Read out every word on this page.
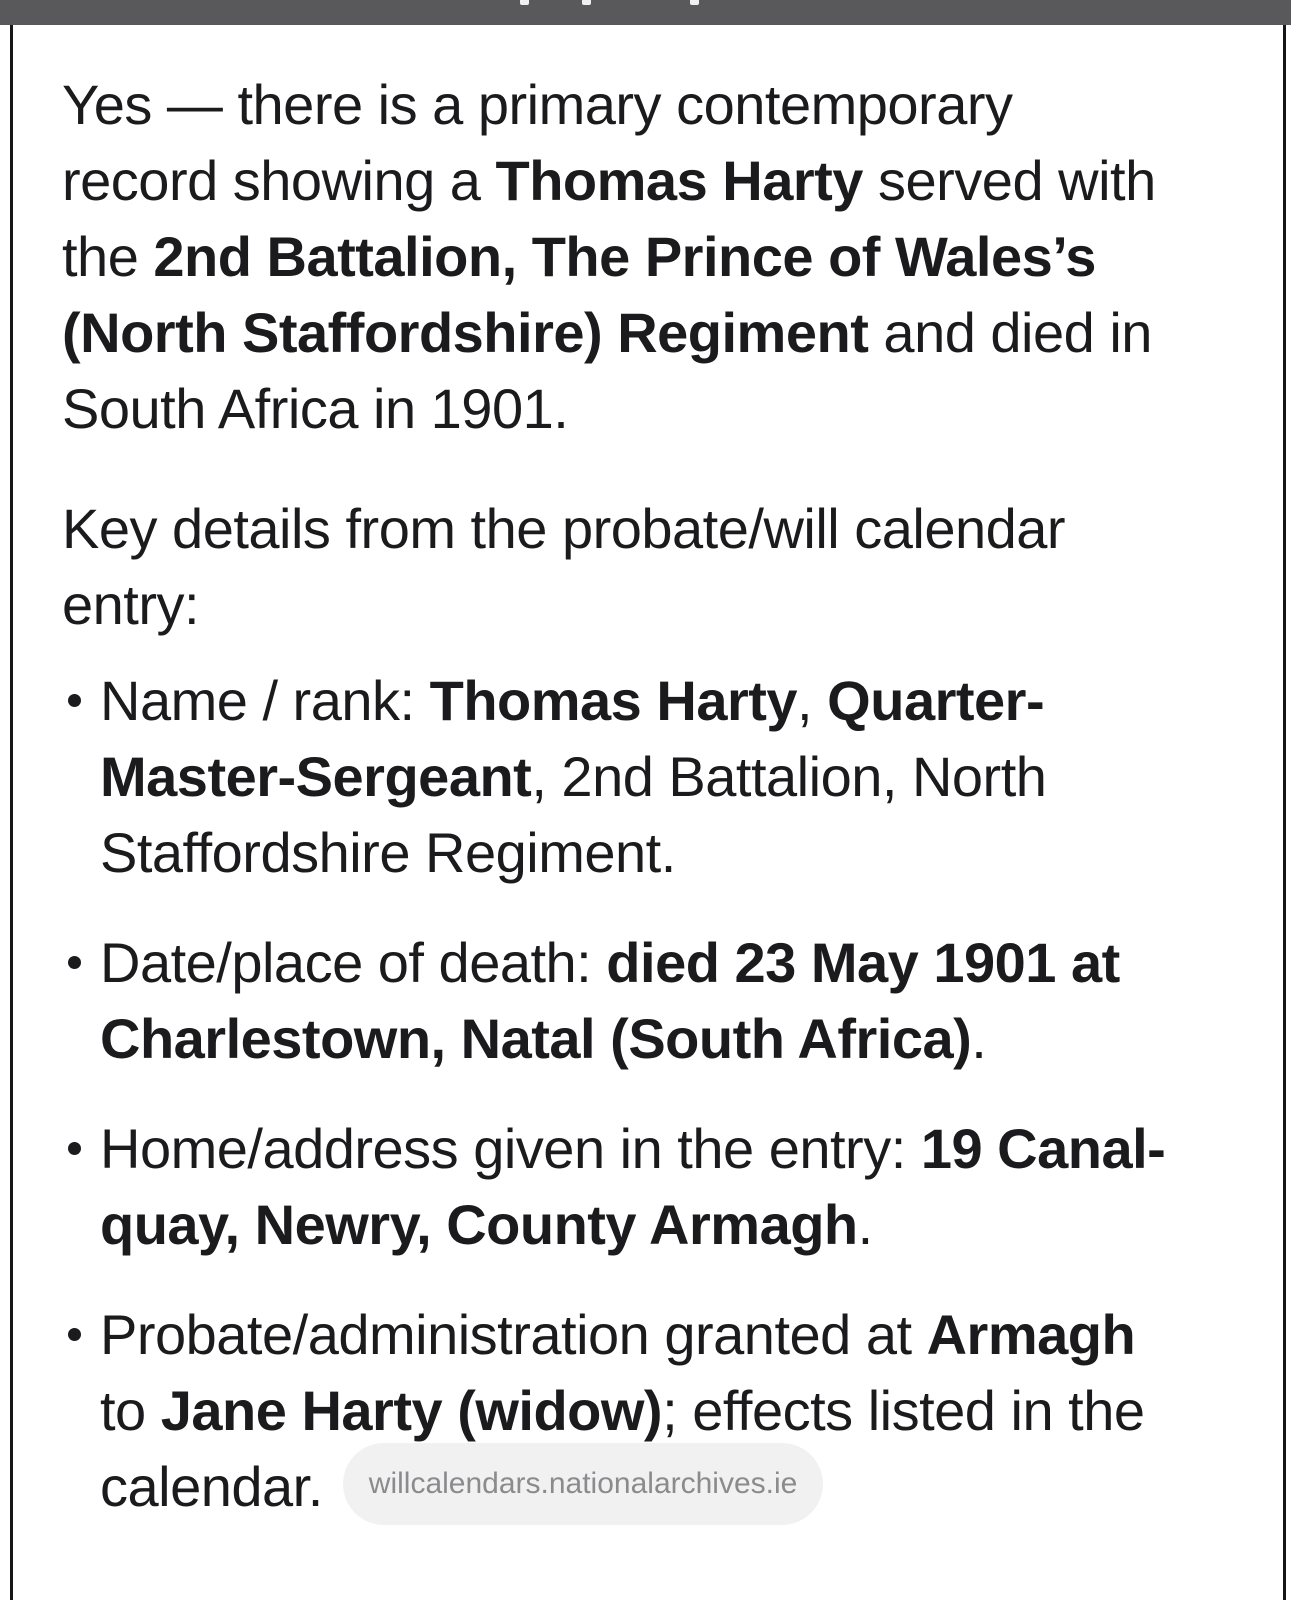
Yes — there is a primary contemporary
record showing a Thomas Harty served with
the 2nd Battalion, The Prince of Wales’s
(North Staffordshire) Regiment and died in
South Africa in 1901.
Key details from the probate/will calendar
entry:
Name / rank: Thomas Harty, Quarter-
Master-Sergeant, 2nd Battalion, North
Staffordshire Regiment.
Date/place of death: died 23 May 1901 at
Charlestown, Natal (South Africa).
Home/address given in the entry: 19 Canal-
quay, Newry, County Armagh.
Probate/administration granted at Armagh
to Jane Harty (widow); effects listed in the
calendar. willcalendars.nationalarchives.ie
